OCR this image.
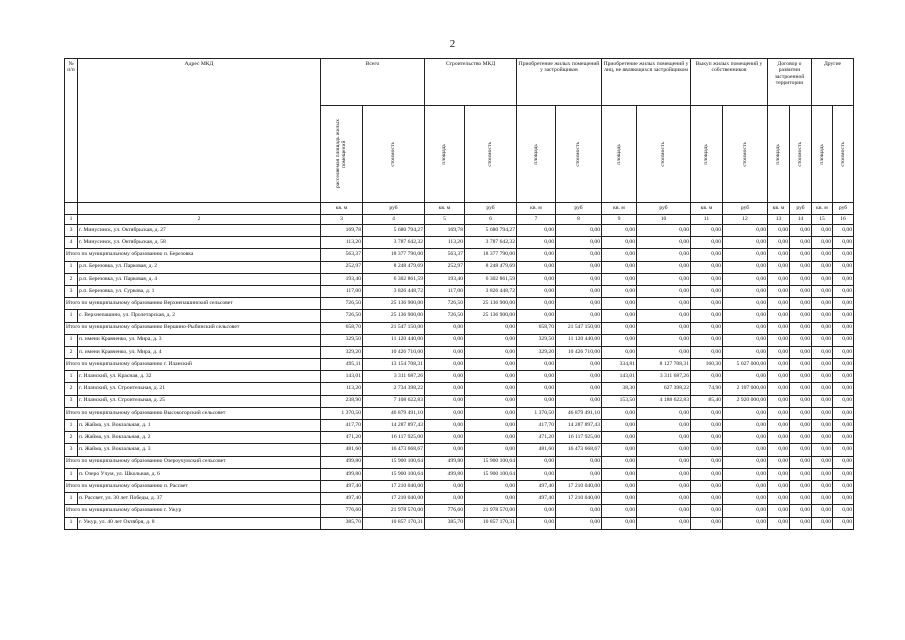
2
№ п/п	Адрес МКД	Всего		Строительство МКД		Приобретение жилых помещений у застройщиков		Приобретение жилых помещений у лиц, не являющихся застройщиком		Выкуп жилых помещений у собственников		Договор о развитии застроенной территории		Другие	

		расселяемая площадь жилых помещений	стоимость	площадь	стоимость	площадь	стоимость	площадь	стоимость	площадь	стоимость	площадь	стоимость	площадь	стоимость

		кв. м	руб	кв. м	руб	кв. м	руб	кв. м	руб	кв. м	руб	кв. м	руб	кв. м	руб
1	2	3	4	5	6	7	8	9	10	11	12	13	14	15	16
3	г. Минусинск, ул. Октябрьская, д. 27	169,78	5 680 794,27	169,78	5 680 794,27	0,00	0,00	0,00	0,00	0,00	0,00	0,00	0,00	0,00	0,00
4	г. Минусинск, ул. Октябрьская, д. 58	113,20	3 787 642,32	113,20	3 787 642,32	0,00	0,00	0,00	0,00	0,00	0,00	0,00	0,00	0,00	0,00
Итого по муниципальному образованию п. Березовка		563,37	18 377 790,00	563,37	18 377 790,00	0,00	0,00	0,00	0,00	0,00	0,00	0,00	0,00	0,00	0,00
1	р.п. Березовка, ул. Парковая, д. 2	252,97	8 248 479,69	252,97	8 248 479,69	0,00	0,00	0,00	0,00	0,00	0,00	0,00	0,00	0,00	0,00
2	р.п. Березовка, ул. Парковая, д. 4	193,40	6 302 861,59	193,40	6 302 861,59	0,00	0,00	0,00	0,00	0,00	0,00	0,00	0,00	0,00	0,00
3	р.п. Березовка, ул. Суркова, д. 1	117,00	3 826 448,72	117,00	3 826 448,72	0,00	0,00	0,00	0,00	0,00	0,00	0,00	0,00	0,00	0,00
Итого по муниципальному образованию Верхнепашинский сельсовет		726,50	25 136 900,00	726,50	25 136 900,00	0,00	0,00	0,00	0,00	0,00	0,00	0,00	0,00	0,00	0,00
1	с. Верхнепашино, ул. Пролетарская, д. 2	726,50	25 136 900,00	726,50	25 136 900,00	0,00	0,00	0,00	0,00	0,00	0,00	0,00	0,00	0,00	0,00
Итого по муниципальному образованию Вершино-Рыбинский сельсовет		658,70	21 547 150,00	0,00	0,00	658,70	21 547 150,00	0,00	0,00	0,00	0,00	0,00	0,00	0,00	0,00
1	п. имени Кравченко, ул. Мира, д. 3	329,50	11 120 440,00	0,00	0,00	329,50	11 120 440,00	0,00	0,00	0,00	0,00	0,00	0,00	0,00	0,00
2	п. имени Кравченко, ул. Мира, д. 4	329,20	10 426 710,00	0,00	0,00	329,20	10 426 710,00	0,00	0,00	0,00	0,00	0,00	0,00	0,00	0,00
Итого по муниципальному образованию г. Иланский		495,11	13 154 708,31	0,00	0,00	0,00	0,00	334,81	8 127 708,31	160,30	5 027 000,00	0,00	0,00	0,00	0,00
1	г. Иланский, ул. Красная, д. 32	143,01	3 311 687,26	0,00	0,00	0,00	0,00	143,01	3 311 687,26	0,00	0,00	0,00	0,00	0,00	0,00
2	г. Иланский, ул. Строительная, д. 21	113,20	2 734 398,22	0,00	0,00	0,00	0,00	38,30	627 398,22	74,90	2 107 000,00	0,00	0,00	0,00	0,00
3	г. Иланский, ул. Строительная, д. 25	238,90	7 108 622,83	0,00	0,00	0,00	0,00	153,50	4 188 622,83	85,40	2 920 000,00	0,00	0,00	0,00	0,00
Итого по муниципальному образованию Высокогорский сельсовет		1 370,50	46 879 491,10	0,00	0,00	1 370,50	46 879 491,10	0,00	0,00	0,00	0,00	0,00	0,00	0,00	0,00
1	п. Жайма, ул. Вокзальная, д. 1	417,70	14 287 897,43	0,00	0,00	417,70	14 287 897,43	0,00	0,00	0,00	0,00	0,00	0,00	0,00	0,00
2	п. Жайма, ул. Вокзальная, д. 2	471,20	16 117 925,00	0,00	0,00	471,20	16 117 925,00	0,00	0,00	0,00	0,00	0,00	0,00	0,00	0,00
3	п. Жайма, ул. Вокзальная, д. 3	481,60	16 473 668,67	0,00	0,00	481,60	16 473 668,67	0,00	0,00	0,00	0,00	0,00	0,00	0,00	0,00
Итого по муниципальному образованию Озероучумский сельсовет		499,80	15 900 100,64	499,80	15 900 100,64	0,00	0,00	0,00	0,00	0,00	0,00	0,00	0,00	0,00	0,00
1	п. Озеро Учум, ул. Школьная, д. 6	499,80	15 900 100,64	499,80	15 900 100,64	0,00	0,00	0,00	0,00	0,00	0,00	0,00	0,00	0,00	0,00
Итого по муниципальному образованию п. Рассвет		497,40	17 210 040,00	0,00	0,00	497,40	17 210 040,00	0,00	0,00	0,00	0,00	0,00	0,00	0,00	0,00
1	п. Рассвет, ул. 30 лет Победы, д. 37	497,40	17 210 040,00	0,00	0,00	497,40	17 210 040,00	0,00	0,00	0,00	0,00	0,00	0,00	0,00	0,00
Итого по муниципальному образованию г. Ужур		776,60	21 978 570,00	776,60	21 978 570,00	0,00	0,00	0,00	0,00	0,00	0,00	0,00	0,00	0,00	0,00
1	г. Ужур, ул. 40 лет Октября, д. 8	385,70	10 857 170,31	385,70	10 857 170,31	0,00	0,00	0,00	0,00	0,00	0,00	0,00	0,00	0,00	0,00
